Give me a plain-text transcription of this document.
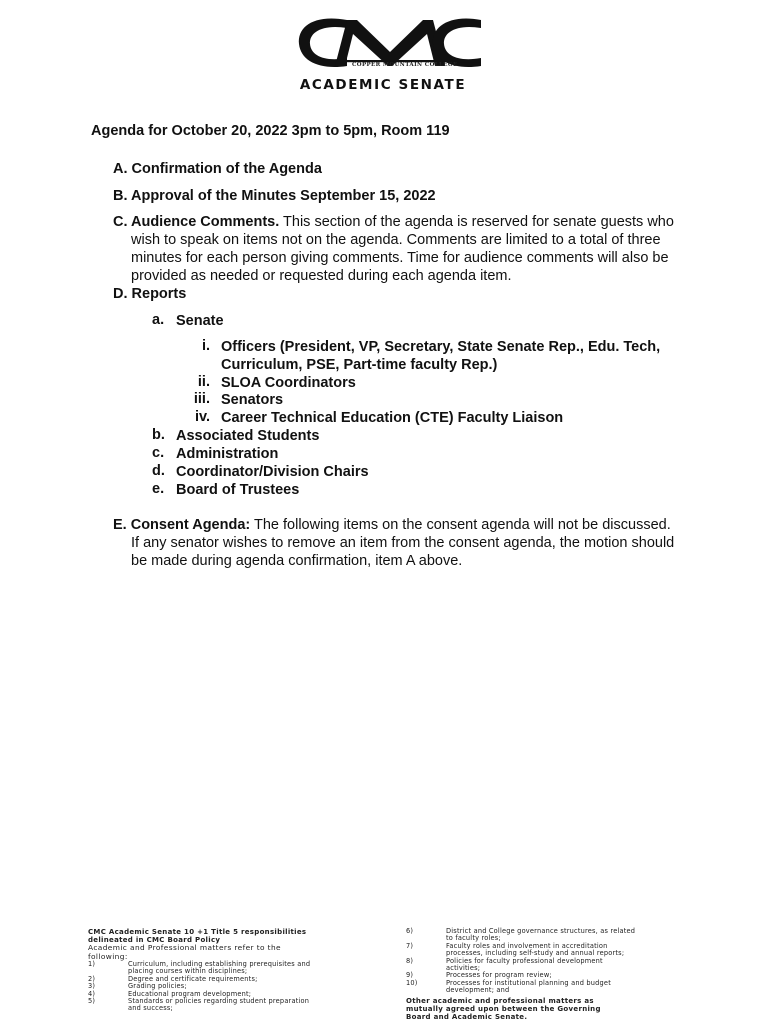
COPPER MOUNTAIN COLLEGE
ACADEMIC SENATE
Agenda for October 20, 2022 3pm to 5pm, Room 119
A. Confirmation of the Agenda
B. Approval of the Minutes September 15, 2022
C. Audience Comments. This section of the agenda is reserved for senate guests who
wish to speak on items not on the agenda. Comments are limited to a total of three
minutes for each person giving comments. Time for audience comments will also be
provided as needed or requested during each agenda item.
D. Reports
a. Senate
i. Officers (President, VP, Secretary, State Senate Rep., Edu. Tech,
Curriculum, PSE, Part-time faculty Rep.)
ii. SLOA Coordinators
iii. Senators
iv. Career Technical Education (CTE) Faculty Liaison
b. Associated Students
c. Administration
d. Coordinator/Division Chairs
e. Board of Trustees
E. Consent Agenda: The following items on the consent agenda will not be discussed.
If any senator wishes to remove an item from the consent agenda, the motion should
be made during agenda confirmation, item A above.
CMC Academic Senate 10 +1 Title 5 responsibilities
delineated in CMC Board Policy
Academic and Professional matters refer to the
following:
1)	Curriculum, including establishing prerequisites and
placing courses within disciplines;
2)	Degree and certificate requirements;
3)	Grading policies;
4)	Educational program development;
5)	Standards or policies regarding student preparation
and success;
6)	District and College governance structures, as related
to faculty roles;
7)	Faculty roles and involvement in accreditation
processes, including self-study and annual reports;
8)	Policies for faculty professional development
activities;
9)	Processes for program review;
10)	Processes for institutional planning and budget
development; and
Other academic and professional matters as
mutually agreed upon between the Governing
Board and Academic Senate.
